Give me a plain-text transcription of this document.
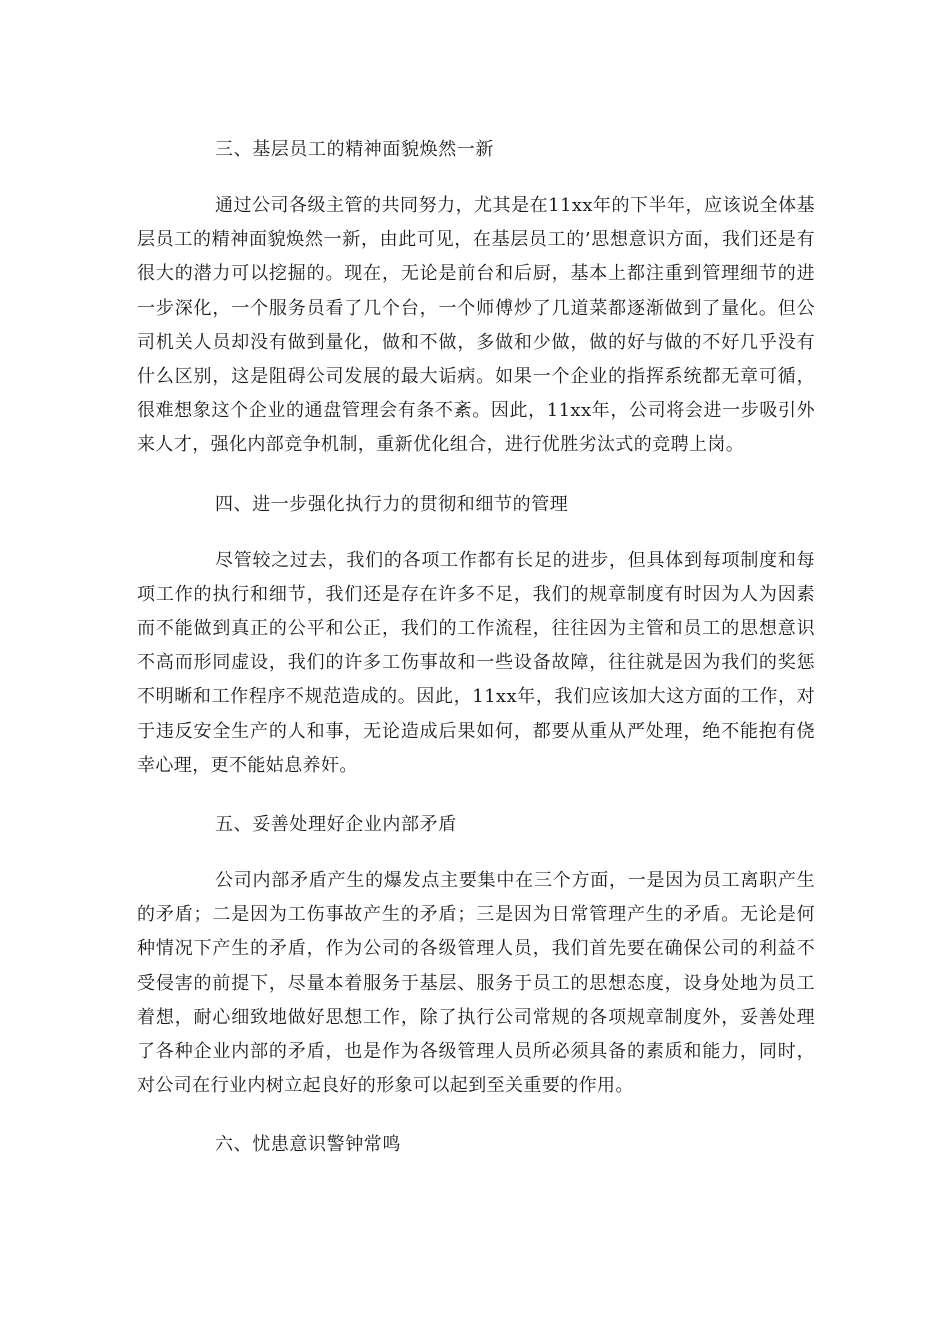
三、基层员工的精神面貌焕然一新

通过公司各级主管的共同努力，尤其是在11xx年的下半年，应该说全体基层员工的精神面貌焕然一新，由此可见，在基层员工的’思想意识方面，我们还是有很大的潜力可以挖掘的。现在，无论是前台和后厨，基本上都注重到管理细节的进一步深化，一个服务员看了几个台，一个师傅炒了几道菜都逐渐做到了量化。但公司机关人员却没有做到量化，做和不做，多做和少做，做的好与做的不好几乎没有什么区别，这是阻碍公司发展的最大诟病。如果一个企业的指挥系统都无章可循，很难想象这个企业的通盘管理会有条不紊。因此，11xx年，公司将会进一步吸引外来人才，强化内部竞争机制，重新优化组合，进行优胜劣汰式的竞聘上岗。

四、进一步强化执行力的贯彻和细节的管理

尽管较之过去，我们的各项工作都有长足的进步，但具体到每项制度和每项工作的执行和细节，我们还是存在许多不足，我们的规章制度有时因为人为因素而不能做到真正的公平和公正，我们的工作流程，往往因为主管和员工的思想意识不高而形同虚设，我们的许多工伤事故和一些设备故障，往往就是因为我们的奖惩不明晰和工作程序不规范造成的。因此，11xx年，我们应该加大这方面的工作，对于违反安全生产的人和事，无论造成后果如何，都要从重从严处理，绝不能抱有侥幸心理，更不能姑息养奸。

五、妥善处理好企业内部矛盾

公司内部矛盾产生的爆发点主要集中在三个方面，一是因为员工离职产生的矛盾；二是因为工伤事故产生的矛盾；三是因为日常管理产生的矛盾。无论是何种情况下产生的矛盾，作为公司的各级管理人员，我们首先要在确保公司的利益不受侵害的前提下，尽量本着服务于基层、服务于员工的思想态度，设身处地为员工着想，耐心细致地做好思想工作，除了执行公司常规的各项规章制度外，妥善处理了各种企业内部的矛盾，也是作为各级管理人员所必须具备的素质和能力，同时，对公司在行业内树立起良好的形象可以起到至关重要的作用。

六、忧患意识警钟常鸣
